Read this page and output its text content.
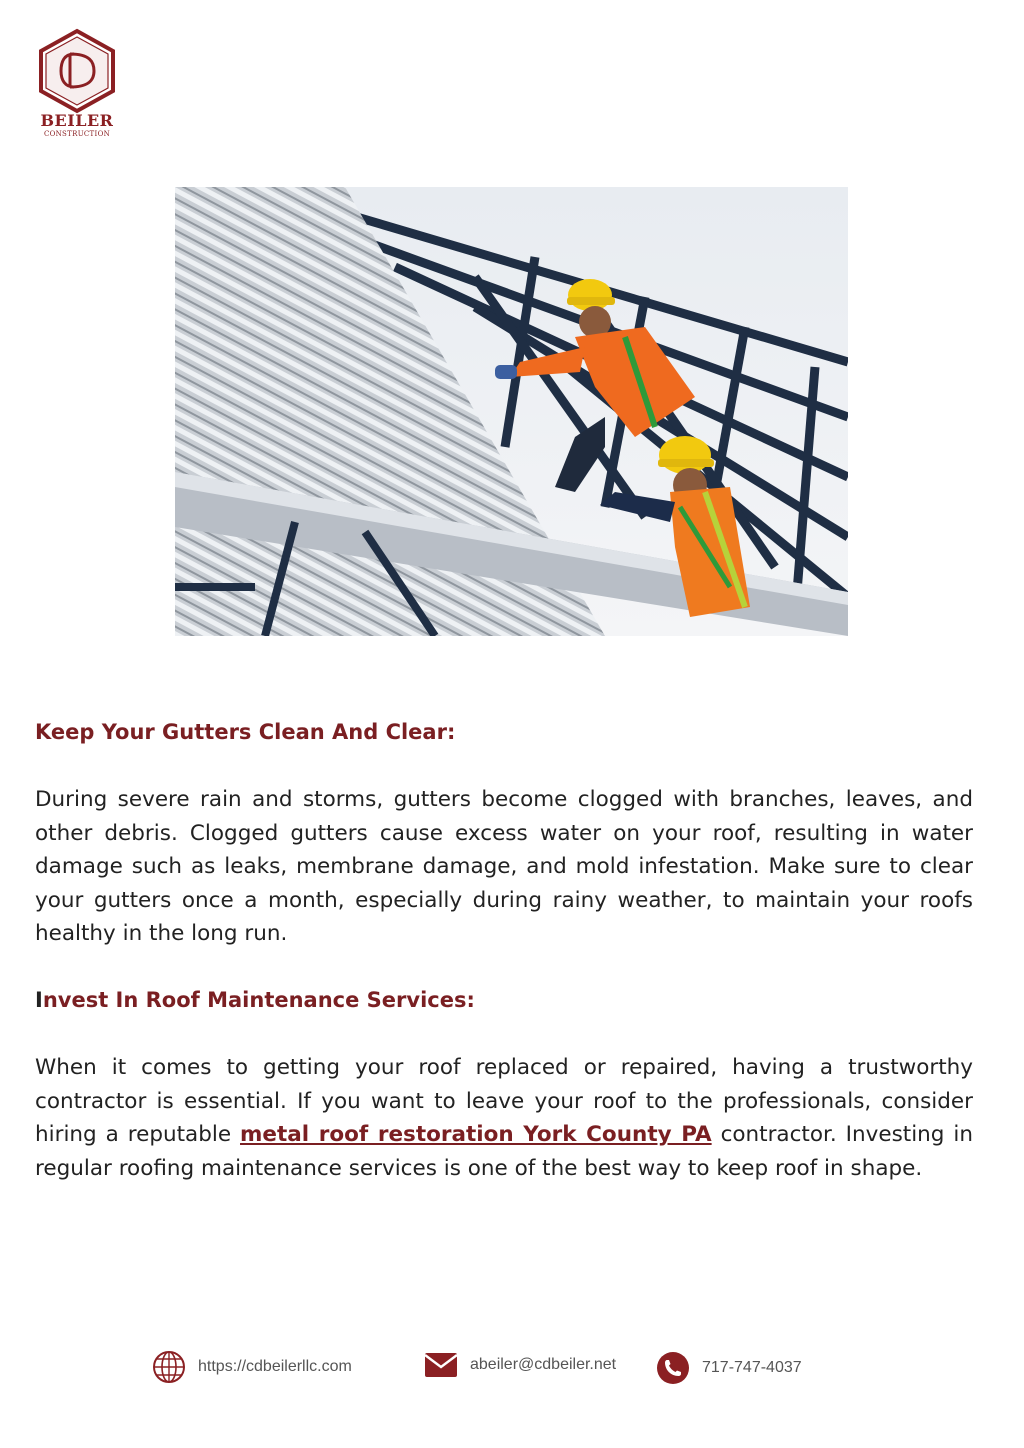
BEILER
CONSTRUCTION
Keep Your Gutters Clean And Clear:

During severe rain and storms, gutters become clogged with branches, leaves, and other debris. Clogged gutters cause excess water on your roof, resulting in water damage such as leaks, membrane damage, and mold infestation. Make sure to clear your gutters once a month, especially during rainy weather, to maintain your roofs healthy in the long run.

Invest In Roof Maintenance Services:

When it comes to getting your roof replaced or repaired, having a trustworthy contractor is essential. If you want to leave your roof to the professionals, consider hiring a reputable metal roof restoration York County PA contractor. Investing in regular roofing maintenance services is one of the best way to keep roof in shape.

https://cdbeilerllc.com	abeiler@cdbeiler.net	717-747-4037
